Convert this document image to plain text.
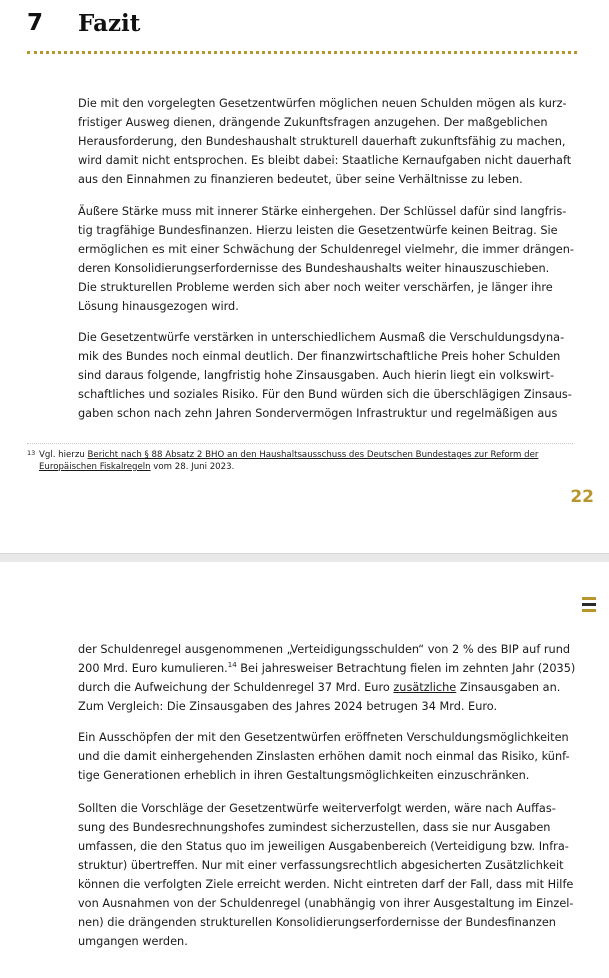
7 Fazit

Die mit den vorgelegten Gesetzentwürfen möglichen neuen Schulden mögen als kurz-
fristiger Ausweg dienen, drängende Zukunftsfragen anzugehen. Der maßgeblichen
Herausforderung, den Bundeshaushalt strukturell dauerhaft zukunftsfähig zu machen,
wird damit nicht entsprochen. Es bleibt dabei: Staatliche Kernaufgaben nicht dauerhaft
aus den Einnahmen zu finanzieren bedeutet, über seine Verhältnisse zu leben.

Äußere Stärke muss mit innerer Stärke einhergehen. Der Schlüssel dafür sind langfris-
tig tragfähige Bundesfinanzen. Hierzu leisten die Gesetzentwürfe keinen Beitrag. Sie
ermöglichen es mit einer Schwächung der Schuldenregel vielmehr, die immer drängen-
deren Konsolidierungserfordernisse des Bundeshaushalts weiter hinauszuschieben.
Die strukturellen Probleme werden sich aber noch weiter verschärfen, je länger ihre
Lösung hinausgezogen wird.

Die Gesetzentwürfe verstärken in unterschiedlichem Ausmaß die Verschuldungsdyna-
mik des Bundes noch einmal deutlich. Der finanzwirtschaftliche Preis hoher Schulden
sind daraus folgende, langfristig hohe Zinsausgaben. Auch hierin liegt ein volkswirt-
schaftliches und soziales Risiko. Für den Bund würden sich die überschlägigen Zinsaus-
gaben schon nach zehn Jahren Sondervermögen Infrastruktur und regelmäßigen aus

13 Vgl. hierzu Bericht nach § 88 Absatz 2 BHO an den Haushaltsausschuss des Deutschen Bundestages zur Reform der
Europäischen Fiskalregeln vom 28. Juni 2023.
22

der Schuldenregel ausgenommenen „Verteidigungsschulden“ von 2 % des BIP auf rund
200 Mrd. Euro kumulieren.$^{14}$ Bei jahresweiser Betrachtung fielen im zehnten Jahr (2035)
durch die Aufweichung der Schuldenregel 37 Mrd. Euro zusätzliche Zinsausgaben an.
Zum Vergleich: Die Zinsausgaben des Jahres 2024 betrugen 34 Mrd. Euro.

Ein Ausschöpfen der mit den Gesetzentwürfen eröffneten Verschuldungsmöglichkeiten
und die damit einhergehenden Zinslasten erhöhen damit noch einmal das Risiko, künf-
tige Generationen erheblich in ihren Gestaltungsmöglichkeiten einzuschränken.

Sollten die Vorschläge der Gesetzentwürfe weiterverfolgt werden, wäre nach Auffas-
sung des Bundesrechnungshofes zumindest sicherzustellen, dass sie nur Ausgaben
umfassen, die den Status quo im jeweiligen Ausgabenbereich (Verteidigung bzw. Infra-
struktur) übertreffen. Nur mit einer verfassungsrechtlich abgesicherten Zusätzlichkeit
können die verfolgten Ziele erreicht werden. Nicht eintreten darf der Fall, dass mit Hilfe
von Ausnahmen von der Schuldenregel (unabhängig von ihrer Ausgestaltung im Einzel-
nen) die drängenden strukturellen Konsolidierungserfordernisse der Bundesfinanzen
umgangen werden.
